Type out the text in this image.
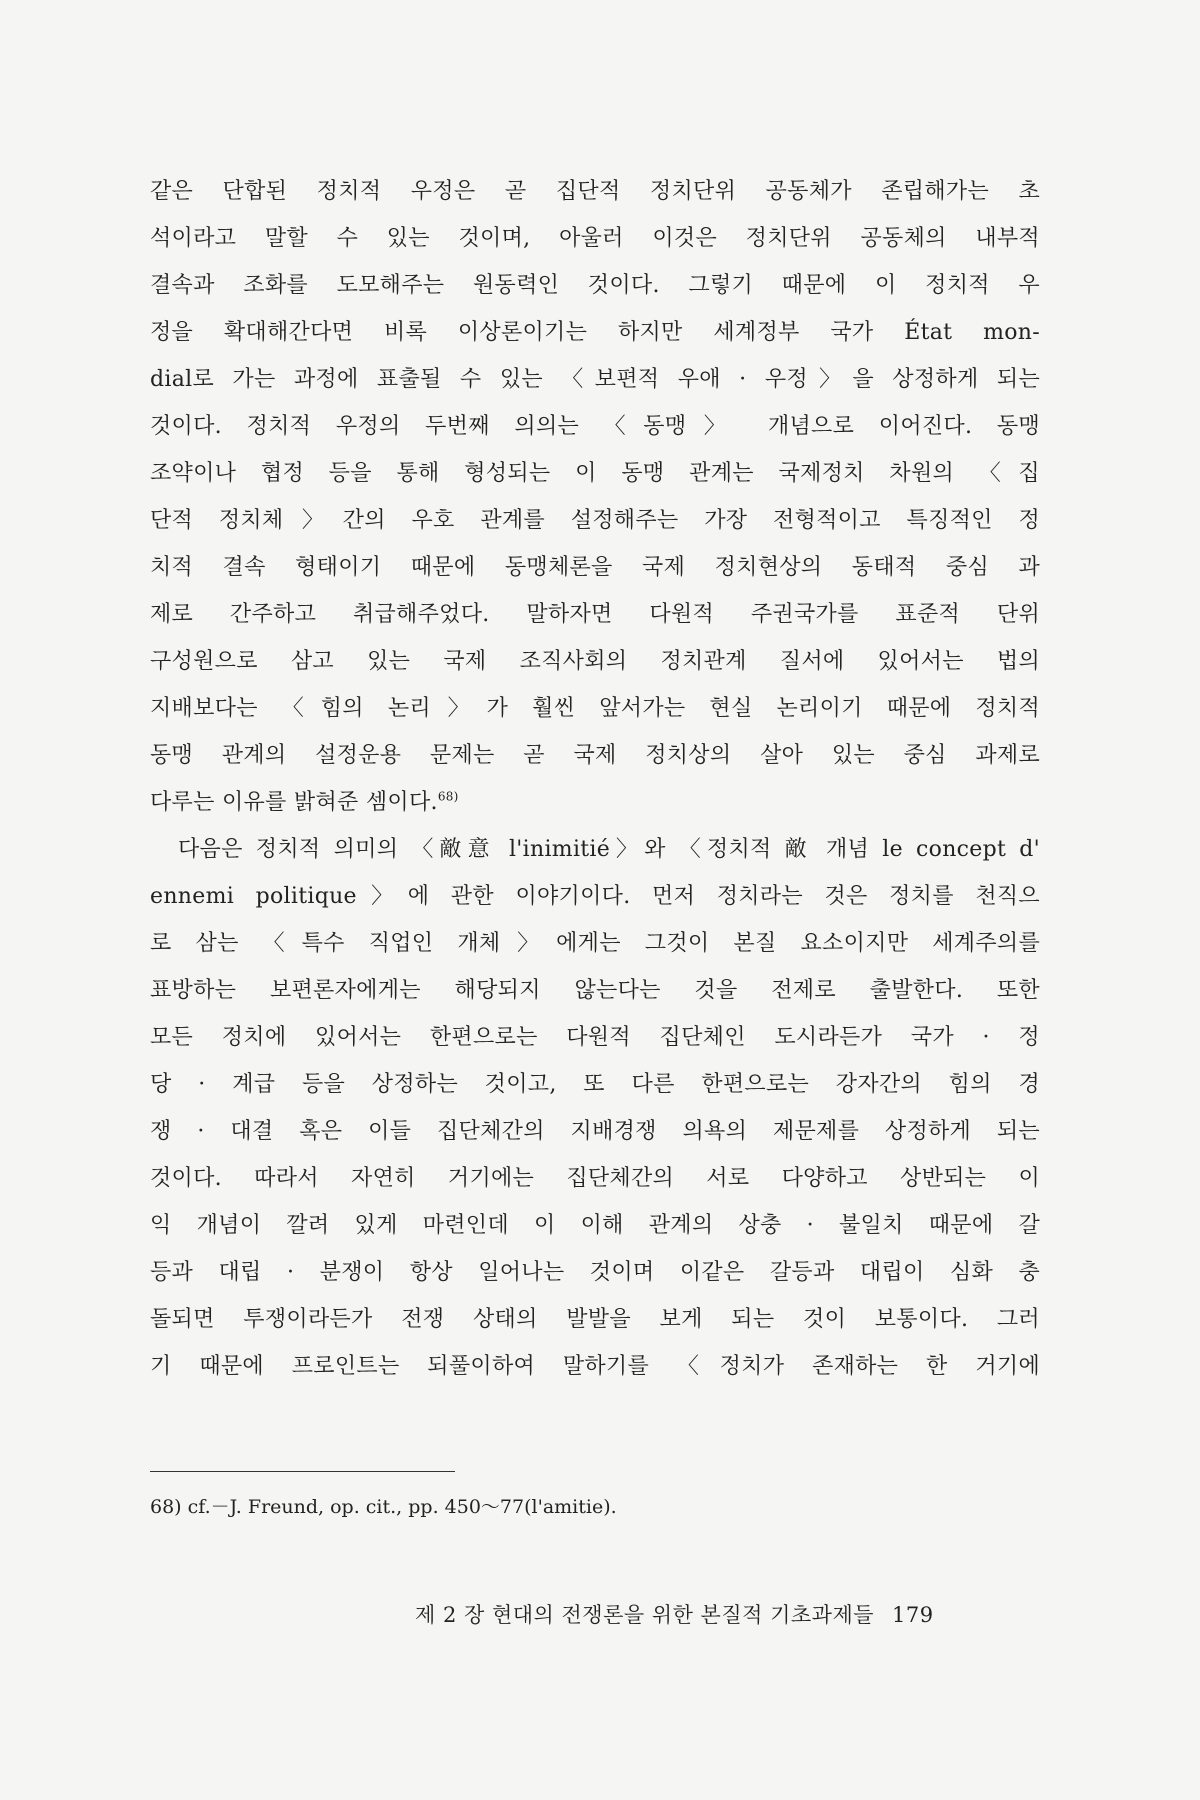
같은 단합된 정치적 우정은 곧 집단적 정치단위 공동체가 존립해가는 초
석이라고 말할 수 있는 것이며, 아울러 이것은 정치단위 공동체의 내부적
결속과 조화를 도모해주는 원동력인 것이다. 그렇기 때문에 이 정치적 우
정을 확대해간다면 비록 이상론이기는 하지만 세계정부 국가 État mon-
dial로 가는 과정에 표출될 수 있는 〈보편적 우애 · 우정〉을 상정하게 되는
것이다. 정치적 우정의 두번째 의의는 〈동맹〉 개념으로 이어진다. 동맹
조약이나 협정 등을 통해 형성되는 이 동맹 관계는 국제정치 차원의 〈집
단적 정치체〉간의 우호 관계를 설정해주는 가장 전형적이고 특징적인 정
치적 결속 형태이기 때문에 동맹체론을 국제 정치현상의 동태적 중심 과
제로 간주하고 취급해주었다. 말하자면 다원적 주권국가를 표준적 단위
구성원으로 삼고 있는 국제 조직사회의 정치관계 질서에 있어서는 법의
지배보다는 〈힘의 논리〉가 훨씬 앞서가는 현실 논리이기 때문에 정치적
동맹 관계의 설정운용 문제는 곧 국제 정치상의 살아 있는 중심 과제로
다루는 이유를 밝혀준 셈이다.$^{68)}$
다음은 정치적 의미의 〈敵意 l'inimitié〉와 〈정치적 敵 개념 le concept d'
ennemi politique〉에 관한 이야기이다. 먼저 정치라는 것은 정치를 천직으
로 삼는 〈특수 직업인 개체〉에게는 그것이 본질 요소이지만 세계주의를
표방하는 보편론자에게는 해당되지 않는다는 것을 전제로 출발한다. 또한
모든 정치에 있어서는 한편으로는 다원적 집단체인 도시라든가 국가 · 정
당 · 계급 등을 상정하는 것이고, 또 다른 한편으로는 강자간의 힘의 경
쟁 · 대결 혹은 이들 집단체간의 지배경쟁 의욕의 제문제를 상정하게 되는
것이다. 따라서 자연히 거기에는 집단체간의 서로 다양하고 상반되는 이
익 개념이 깔려 있게 마련인데 이 이해 관계의 상충 · 불일치 때문에 갈
등과 대립 · 분쟁이 항상 일어나는 것이며 이같은 갈등과 대립이 심화 충
돌되면 투쟁이라든가 전쟁 상태의 발발을 보게 되는 것이 보통이다. 그러
기 때문에 프로인트는 되풀이하여 말하기를 〈정치가 존재하는 한 거기에
68) cf.－J. Freund, op. cit., pp. 450～77(l'amitie).
제 2 장 현대의 전쟁론을 위한 본질적 기초과제들 179
